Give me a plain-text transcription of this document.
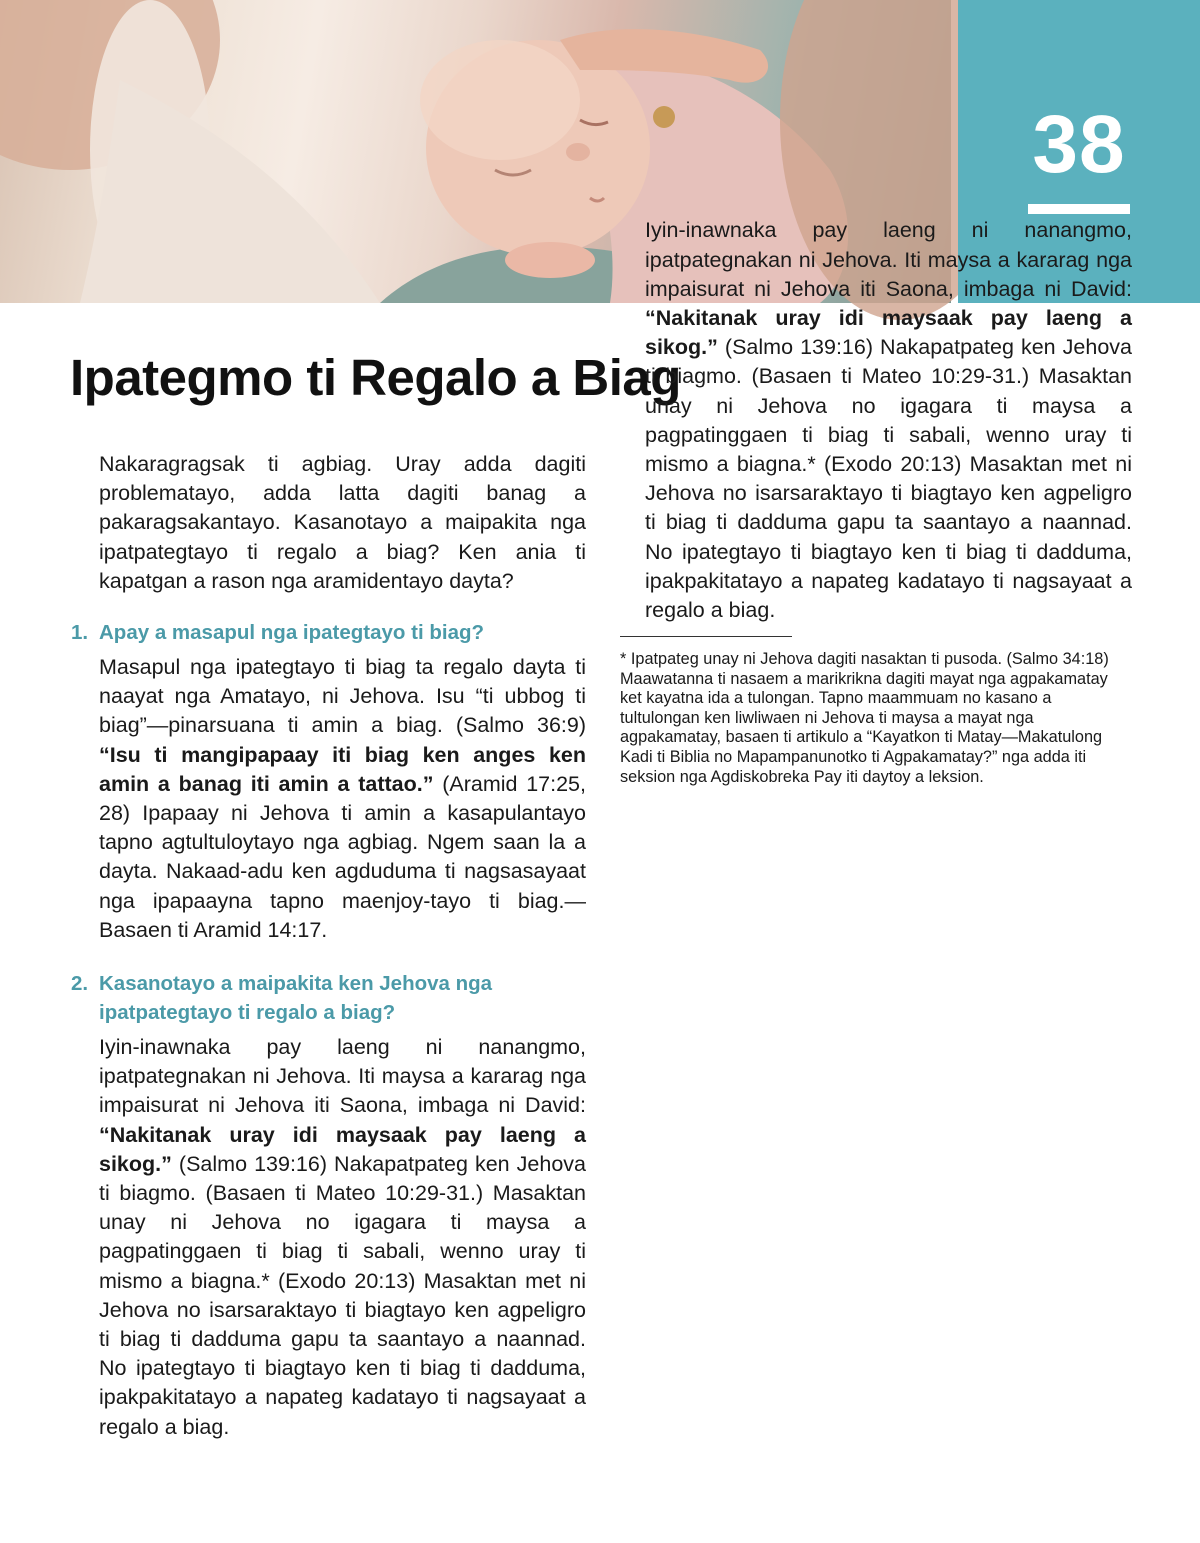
38
Ipategmo ti Regalo a Biag

Nakaragragsak ti agbiag. Uray adda dagiti problematayo, adda latta dagiti banag a pakaragsakantayo. Kasanotayo a maipakita nga ipatpategtayo ti regalo a biag? Ken ania ti kapatgan a rason nga aramidentayo dayta?

1. Apay a masapul nga ipategtayo ti biag?

Masapul nga ipategtayo ti biag ta regalo dayta ti naayat nga Amatayo, ni Jehova. Isu “ti ubbog ti biag”—pinarsuana ti amin a biag. (Salmo 36:9) “Isu ti mangipapaay iti biag ken anges ken amin a banag iti amin a tattao.” (Aramid 17:25, 28) Ipapaay ni Jehova ti amin a kasapulantayo tapno agtultuloytayo nga agbiag. Ngem saan la a dayta. Nakaad-adu ken agduduma ti nagsasayaat nga ipapaayna tapno maenjoy-tayo ti biag.—Basaen ti Aramid 14:17.

2. Kasanotayo a maipakita ken Jehova nga ipatpategtayo ti regalo a biag?

Iyin-inawnaka pay laeng ni nanangmo, ipatpategnakan ni Jehova. Iti maysa a kararag nga impaisurat ni Jehova iti Saona, imbaga ni David: “Nakitanak uray idi maysaak pay laeng a sikog.” (Salmo 139:16) Nakapatpateg ken Jehova ti biagmo. (Basaen ti Mateo 10:29-31.) Masaktan unay ni Jehova no igagara ti maysa a pagpatinggaen ti biag ti sabali, wenno uray ti mismo a biagna.* (Exodo 20:13) Masaktan met ni Jehova no isarsaraktayo ti biagtayo ken agpeligro ti biag ti dadduma gapu ta saantayo a naannad. No ipategtayo ti biagtayo ken ti biag ti dadduma, ipakpakitatayo a napateg kadatayo ti nagsayaat a regalo a biag.

* Ipatpateg unay ni Jehova dagiti nasaktan ti pusoda. (Salmo 34:18) Maawatanna ti nasaem a marikrikna dagiti mayat nga agpakamatay ket kayatna ida a tulongan. Tapno maammuam no kasano a tultulongan ken liwliwaen ni Jehova ti maysa a mayat nga agpakamatay, basaen ti artikulo a “Kayatkon ti Matay—Makatulong Kadi ti Biblia no Mapampanunotko ti Agpakamatay?” nga adda iti seksion nga Agdiskobreka Pay iti daytoy a leksion.

Iyin-inawnaka pay laeng ni nanangmo, ipatpategnakan ni Jehova. Iti maysa a kararag nga impaisurat ni Jehova iti Saona, imbaga ni David: “Nakitanak uray idi maysaak pay laeng a sikog.” (Salmo 139:16) Nakapatpateg ken Jehova ti biagmo. (Basaen ti Mateo 10:29-31.) Masaktan unay ni Jehova no igagara ti maysa a pagpatinggaen ti biag ti sabali, wenno uray ti mismo a biagna.* (Exodo 20:13) Masaktan met ni Jehova no isarsaraktayo ti biagtayo ken agpeligro ti biag ti dadduma gapu ta saantayo a naannad. No ipategtayo ti biagtayo ken ti biag ti dadduma, ipakpakitatayo a napateg kadatayo ti nagsayaat a regalo a biag.
